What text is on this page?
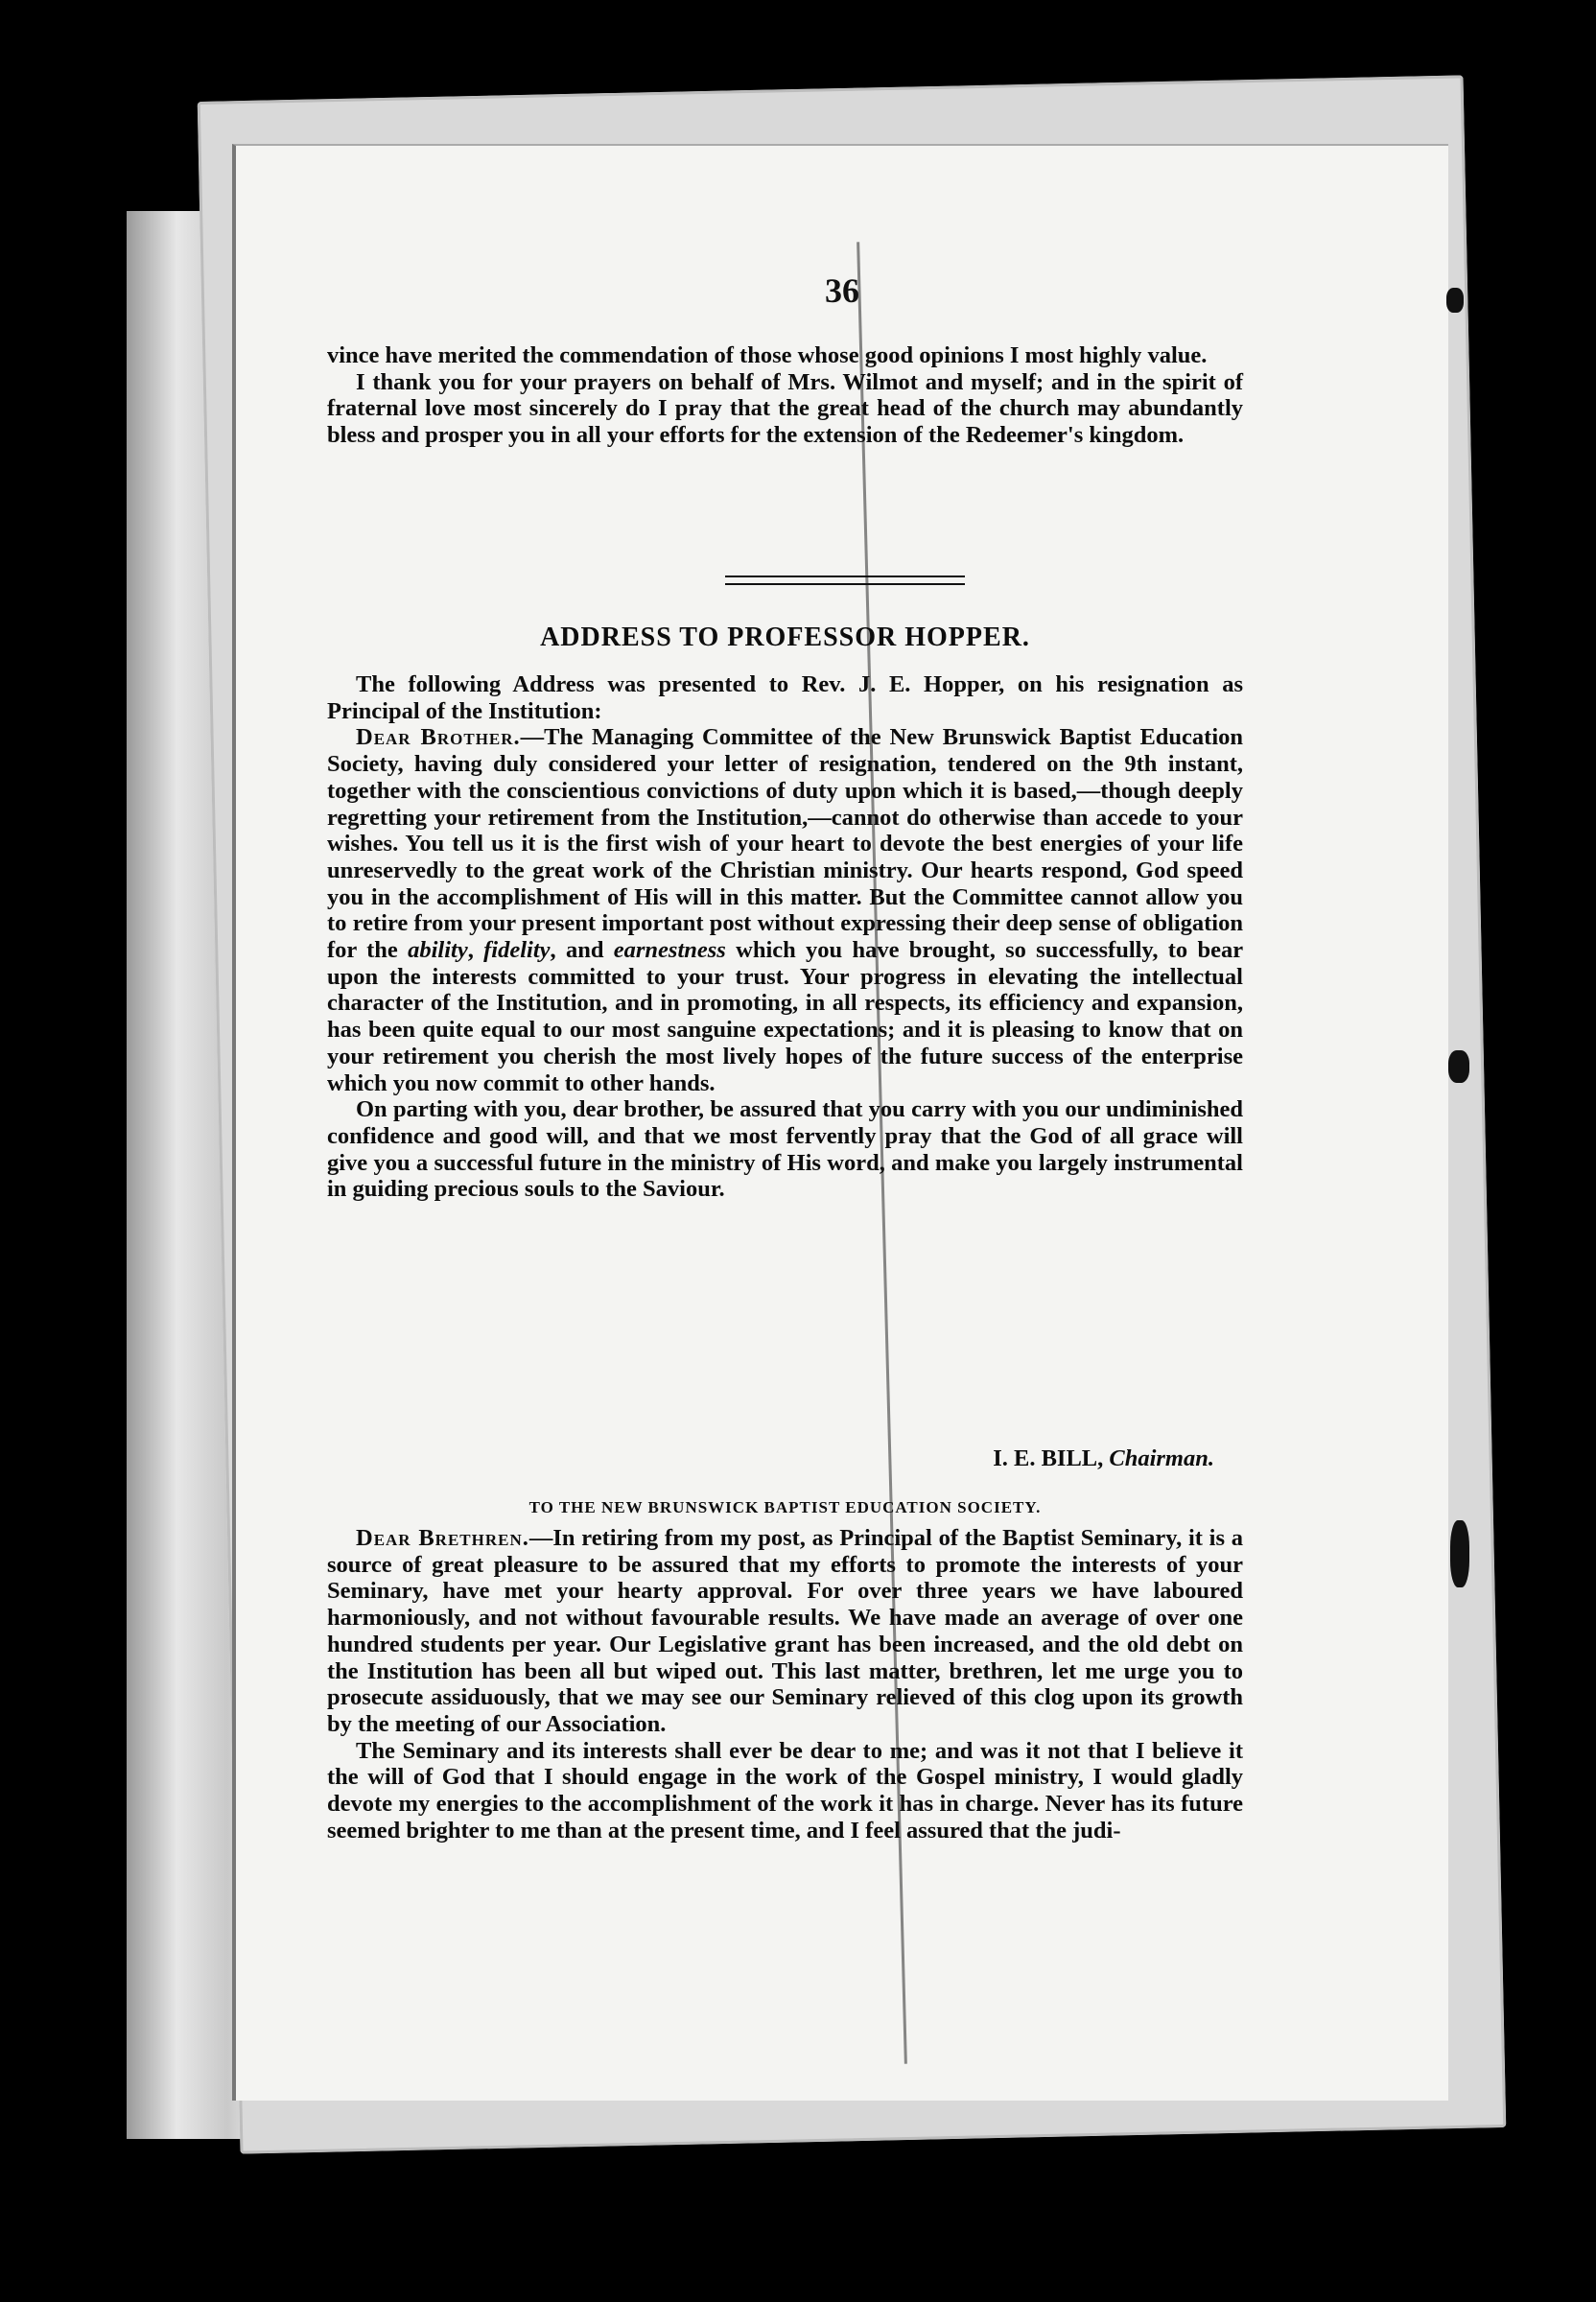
36

vince have merited the commendation of those whose good opinions I most highly value.

I thank you for your prayers on behalf of Mrs. Wilmot and myself; and in the spirit of fraternal love most sincerely do I pray that the great head of the church may abundantly bless and prosper you in all your efforts for the extension of the Redeemer's kingdom.

ADDRESS TO PROFESSOR HOPPER.

The following Address was presented to Rev. J. E. Hopper, on his resignation as Principal of the Institution:

Dear Brother.—The Managing Committee of the New Brunswick Baptist Education Society, having duly considered your letter of resignation, tendered on the 9th instant, together with the conscientious convictions of duty upon which it is based,—though deeply regretting your retirement from the Institution,—cannot do otherwise than accede to your wishes. You tell us it is the first wish of your heart to devote the best energies of your life unreservedly to the great work of the Christian ministry. Our hearts respond, God speed you in the accomplishment of His will in this matter. But the Committee cannot allow you to retire from your present important post without expressing their deep sense of obligation for the ability, fidelity, and earnestness which you have brought, so successfully, to bear upon the interests committed to your trust. Your progress in elevating the intellectual character of the Institution, and in promoting, in all respects, its efficiency and expansion, has been quite equal to our most sanguine expectations; and it is pleasing to know that on your retirement you cherish the most lively hopes of the future success of the enterprise which you now commit to other hands.

On parting with you, dear brother, be assured that you carry with you our undiminished confidence and good will, and that we most fervently pray that the God of all grace will give you a successful future in the ministry of His word, and make you largely instrumental in guiding precious souls to the Saviour.

I. E. BILL, Chairman.
TO THE NEW BRUNSWICK BAPTIST EDUCATION SOCIETY.

Dear Brethren.—In retiring from my post, as Principal of the Baptist Seminary, it is a source of great pleasure to be assured that my efforts to promote the interests of your Seminary, have met your hearty approval. For over three years we have laboured harmoniously, and not without favourable results. We have made an average of over one hundred students per year. Our Legislative grant has been increased, and the old debt on the Institution has been all but wiped out. This last matter, brethren, let me urge you to prosecute assiduously, that we may see our Seminary relieved of this clog upon its growth by the meeting of our Association.

The Seminary and its interests shall ever be dear to me; and was it not that I believe it the will of God that I should engage in the work of the Gospel ministry, I would gladly devote my energies to the accomplishment of the work it has in charge. Never has its future seemed brighter to me than at the present time, and I feel assured that the judi-
